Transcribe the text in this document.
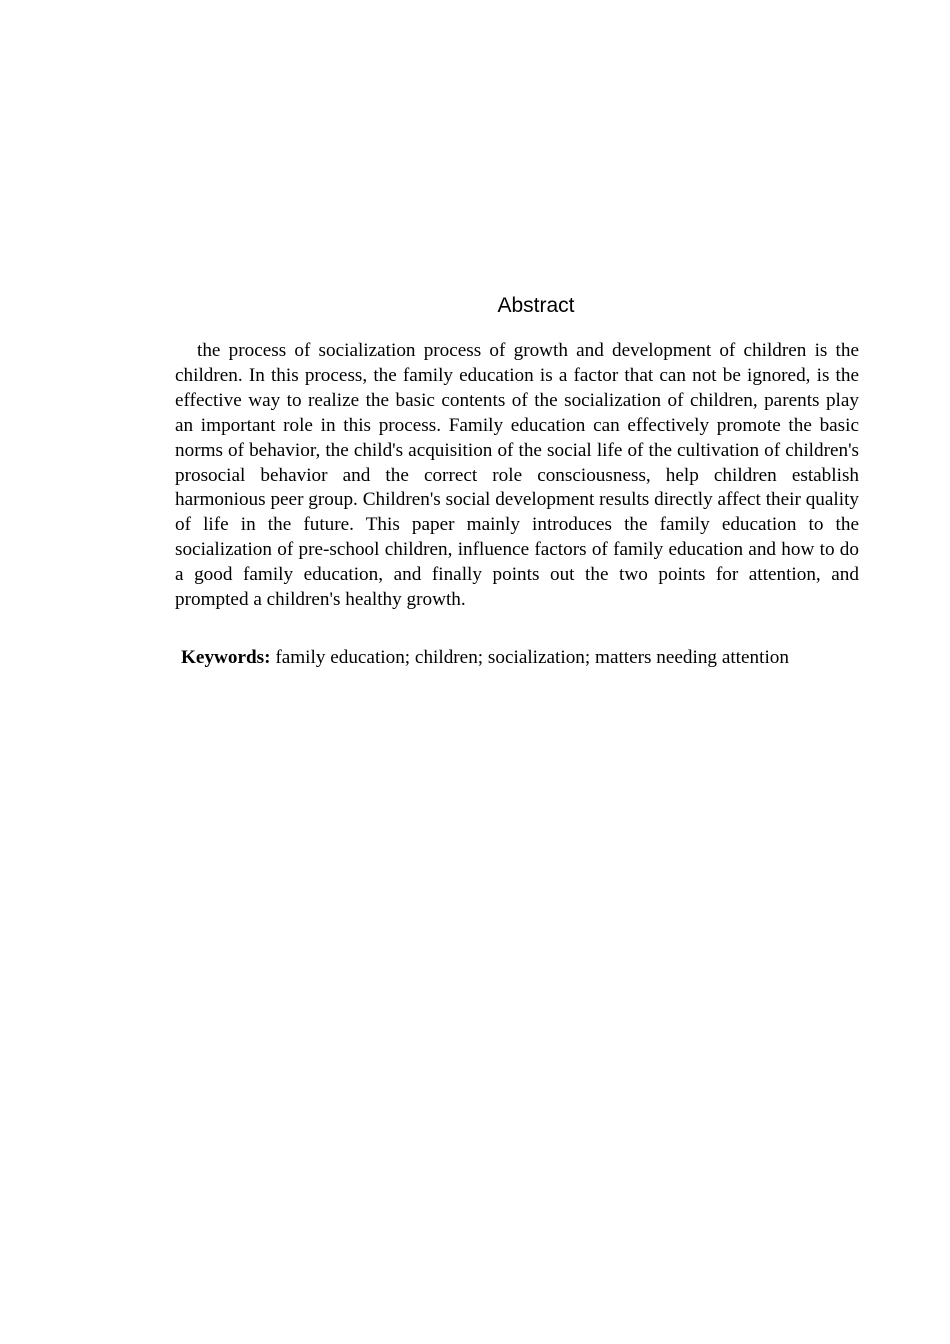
Abstract

the process of socialization process of growth and development of children is the children. In this process, the family education is a factor that can not be ignored, is the effective way to realize the basic contents of the socialization of children, parents play an important role in this process. Family education can effectively promote the basic norms of behavior, the child's acquisition of the social life of the cultivation of children's prosocial behavior and the correct role consciousness, help children establish harmonious peer group. Children's social development results directly affect their quality of life in the future. This paper mainly introduces the family education to the socialization of pre-school children, influence factors of family education and how to do a good family education, and finally points out the two points for attention, and prompted a children's healthy growth.

Keywords: family education; children; socialization; matters needing attention
